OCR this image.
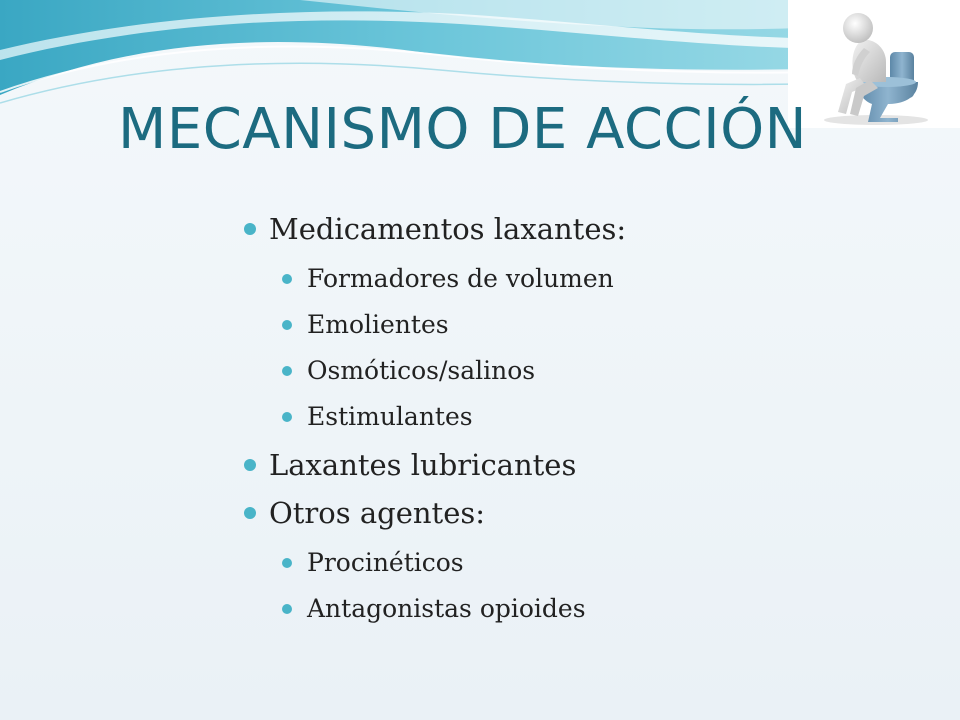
MECANISMO DE ACCIÓN
Medicamentos laxantes:
Formadores de volumen
Emolientes
Osmóticos/salinos
Estimulantes
Laxantes lubricantes
Otros agentes:
Procinéticos
Antagonistas opioides
